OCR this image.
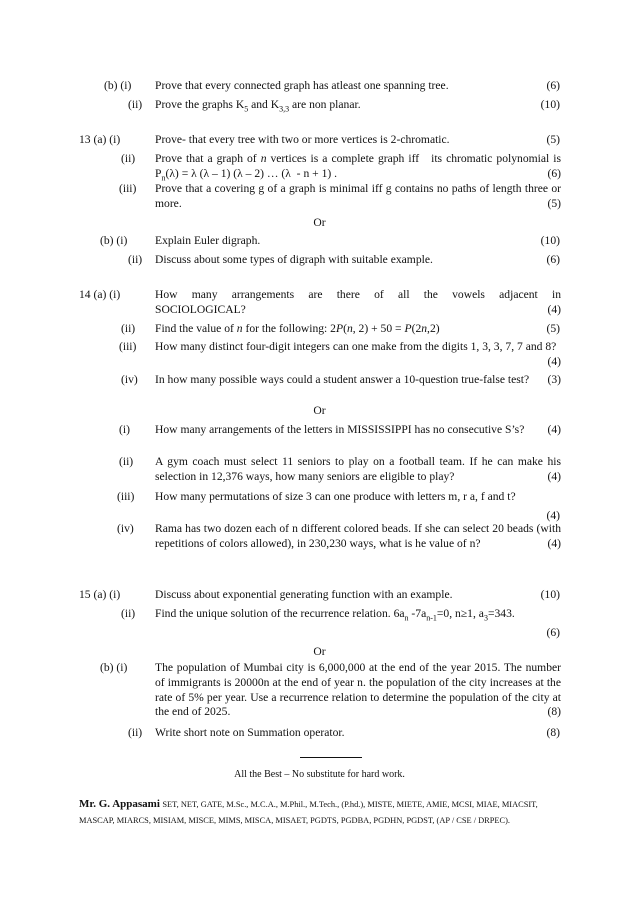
(b) (i) Prove that every connected graph has atleast one spanning tree.	(6)
(ii) Prove the graphs $K_5$ and $K_{3,3}$ are non planar.	(10)
13 (a) (i)	Prove- that every tree with two or more vertices is 2-chromatic.	(5)
(ii) Prove that a graph of n vertices is a complete graph iff   its chromatic polynomial is $P_n(\lambda) = \lambda$ (λ – 1) (λ – 2) … (λ  - n + 1) .	(6)
(iii) Prove that a covering g of a graph is minimal iff g contains no paths of length three or more.	(5)
Or
(b) (i) Explain Euler digraph.	(10)
(ii) Discuss about some types of digraph with suitable example.	(6)
14 (a) (i)	How many arrangements are there of all the vowels adjacent in SOCIOLOGICAL?	(4)
(ii) Find the value of n for the following: 2P(n, 2) + 50 = P(2n,2)	(5)
(iii) How many distinct four-digit integers can one make from the digits 1, 3, 3, 7, 7 and 8?
(4)
(iv) In how many possible ways could a student answer a 10-question true-false test? (3)
Or
(i) How many arrangements of the letters in MISSISSIPPI has no consecutive S’s? (4)
(ii) A gym coach must select 11 seniors to play on a football team. If he can make his selection in 12,376 ways, how many seniors are eligible to play?	(4)
(iii) How many permutations of size 3 can one produce with letters m, r a, f and t?
(4)
(iv) Rama has two dozen each of n different colored beads. If she can select 20 beads (with repetitions of colors allowed), in 230,230 ways, what is he value of n?	(4)
15 (a) (i)	Discuss about exponential generating function with an example.	(10)
(ii) Find the unique solution of the recurrence relation. $6a_n$ $-7a_{n-1}=0$, n≥1, $a_3=343$.
(6)
Or
(b) (i) The population of Mumbai city is 6,000,000 at the end of the year 2015. The number of immigrants is 20000n at the end of year n. the population of the city increases at the rate of 5% per year. Use a recurrence relation to determine the population of the city at the end of 2025.	(8)
(ii) Write short note on Summation operator.	(8)
All the Best – No substitute for hard work.
Mr. G. Appasami SET, NET, GATE, M.Sc., M.C.A., M.Phil., M.Tech., (P.hd.), MISTE, MIETE, AMIE, MCSI, MIAE, MIACSIT,
MASCAP, MIARCS, MISIAM, MISCE, MIMS, MISCA, MISAET, PGDTS, PGDBA, PGDHN, PGDST, (AP / CSE / DRPEC).
